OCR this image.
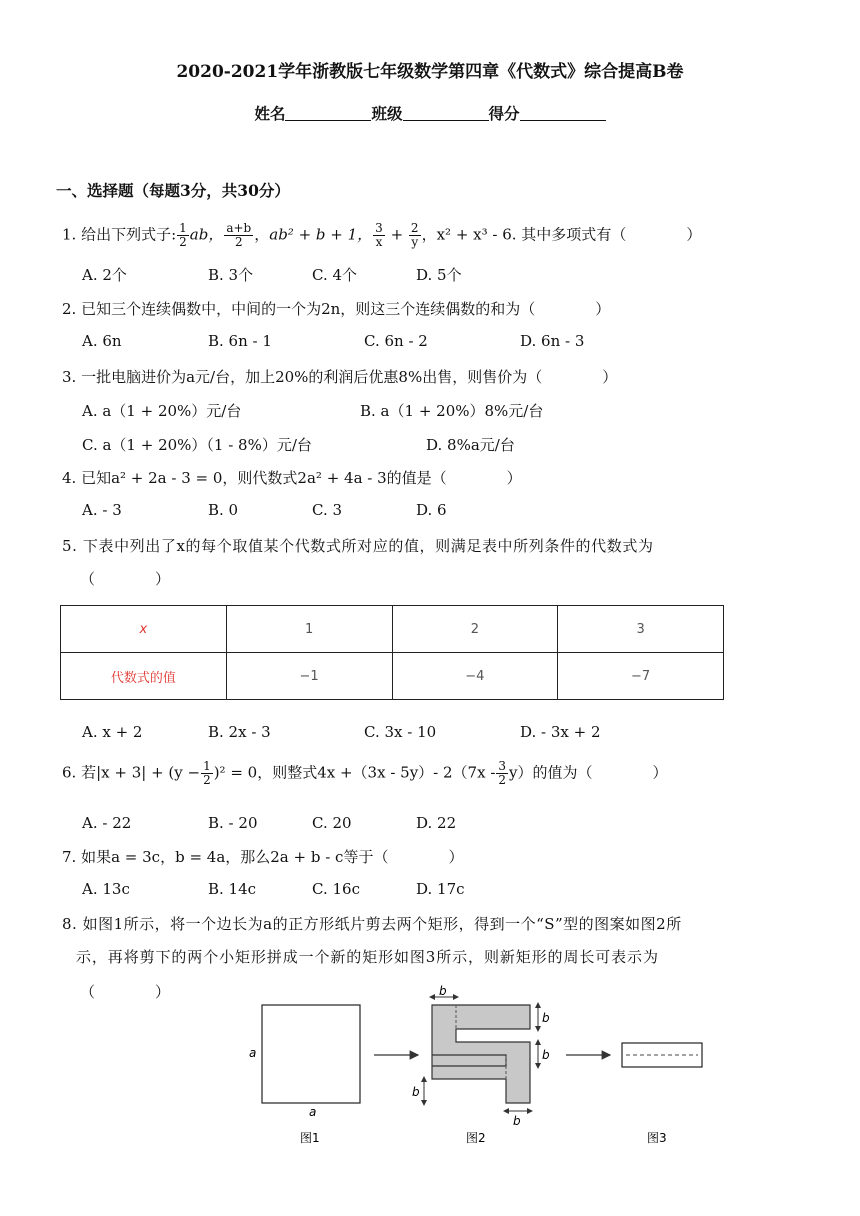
2020-2021学年浙教版七年级数学第四章《代数式》综合提高B卷
姓名	班级	得分
一、选择题（每题3分，共30分）
1. 给出下列式子: $\frac{1}{2}$ ab， $\frac{a+b}{2}$ ，ab² + b + 1， $\frac{3}{x} + \frac{2}{y}$ ，x² + x³ - 6. 其中多项式有（　　　　）
A. 2个	B. 3个	C. 4个	D. 5个
2. 已知三个连续偶数中，中间的一个为2n，则这三个连续偶数的和为（　　　　）
A. 6n	B. 6n - 1	C. 6n - 2	D. 6n - 3
3. 一批电脑进价为a元/台，加上20%的利润后优惠8%出售，则售价为（　　　　）
A. a（1 + 20%）元/台	B. a（1 + 20%）8%元/台
C. a（1 + 20%）（1 - 8%）元/台	D. 8%a元/台
4. 已知a² + 2a - 3 = 0，则代数式2a² + 4a - 3的值是（　　　　）
A. - 3	B. 0	C. 3	D. 6
5. 下表中列出了x的每个取值某个代数式所对应的值，则满足表中所列条件的代数式为
（　　　　）
x	1	2	3
代数式的值	−1	−4	−7
A. x + 2	B. 2x - 3	C. 3x - 10	D. - 3x + 2
6. 若$|x + 3| + (y - \frac{1}{2} )^2 = 0$，则整式4x +（3x - 5y）- $2(7x - \frac{3}{2} y)$的值为（　　　　）
A. - 22	B. - 20	C. 20	D. 22
7. 如果a = 3c，b = 4a，那么2a + b - c等于（　　　　）
A. 13c	B. 14c	C. 16c	D. 17c
8. 如图1所示，将一个边长为a的正方形纸片剪去两个矩形，得到一个“S”型的图案如图2所
示，再将剪下的两个小矩形拼成一个新的矩形如图3所示，则新矩形的周长可表示为
（　　　　）
a
a
图1
b
b
b
b
b
图2	图3
